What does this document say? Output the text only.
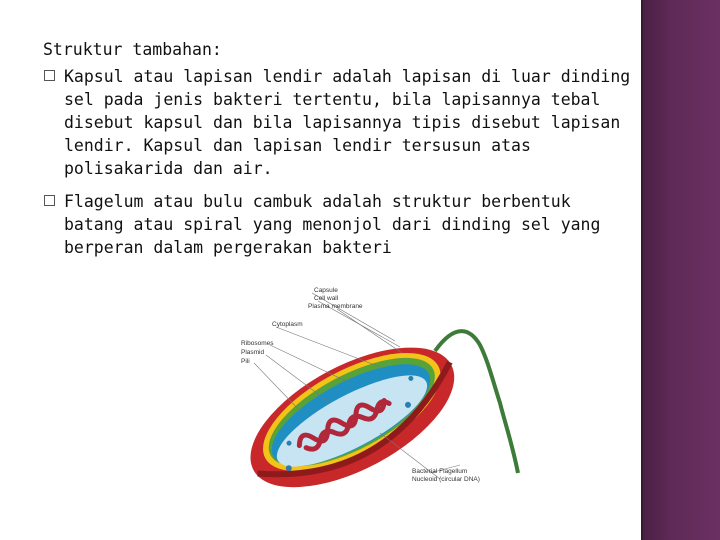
Struktur tambahan:
Kapsul atau lapisan lendir adalah lapisan di luar dinding sel pada jenis bakteri tertentu, bila lapisannya tebal disebut kapsul dan bila lapisannya tipis disebut lapisan lendir. Kapsul dan lapisan lendir tersusun atas polisakarida dan air.
Flagelum atau bulu cambuk adalah struktur berbentuk batang atau spiral yang menonjol dari dinding sel yang berperan dalam pergerakan bakteri
Capsule
Cell wall
Plasma membrane
Cytoplasm
Ribosomes
Plasmid
Pili
Bacterial Flagellum
Nucleoid (circular DNA)
